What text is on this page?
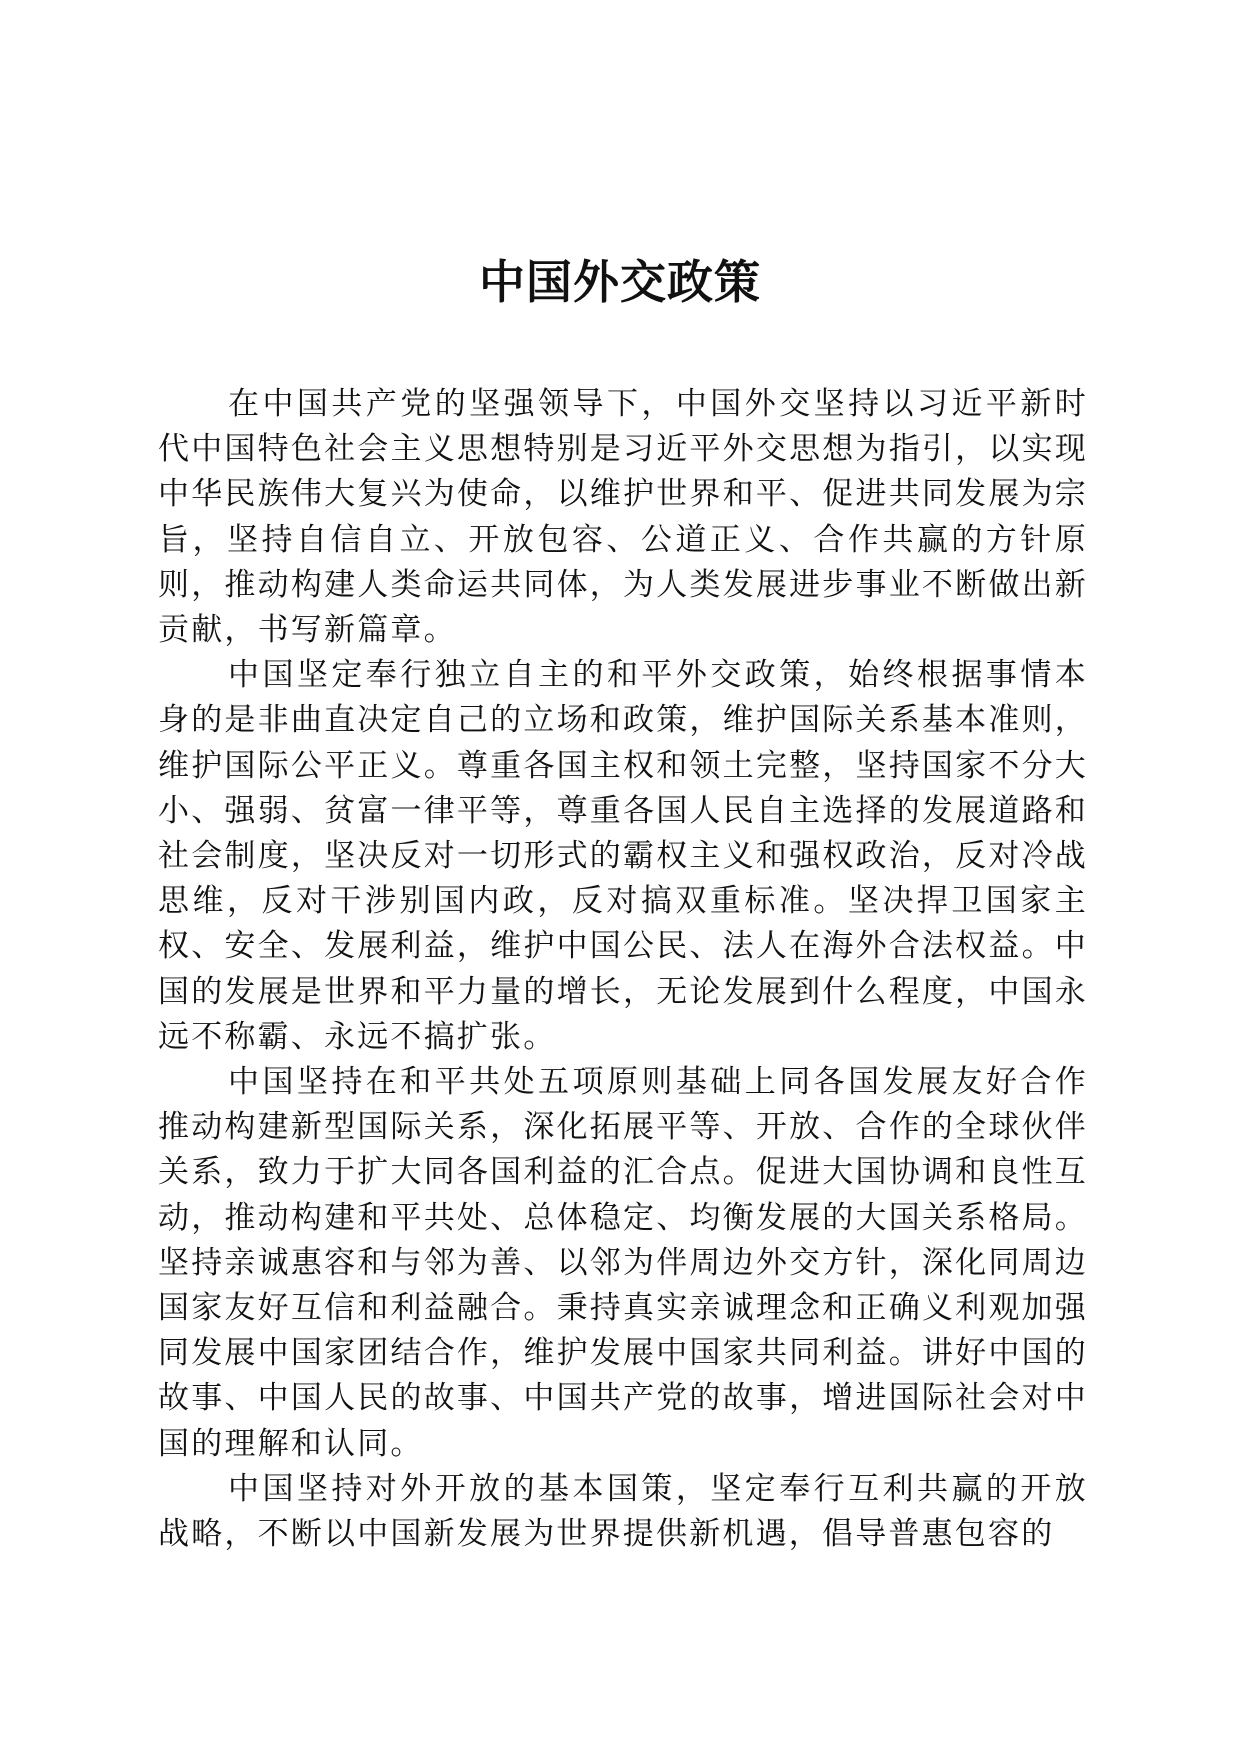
中国外交政策

在中国共产党的坚强领导下，中国外交坚持以习近平新时代中国特色社会主义思想特别是习近平外交思想为指引，以实现中华民族伟大复兴为使命，以维护世界和平、促进共同发展为宗旨，坚持自信自立、开放包容、公道正义、合作共赢的方针原则，推动构建人类命运共同体，为人类发展进步事业不断做出新贡献，书写新篇章。

中国坚定奉行独立自主的和平外交政策，始终根据事情本身的是非曲直决定自己的立场和政策，维护国际关系基本准则，维护国际公平正义。尊重各国主权和领土完整，坚持国家不分大小、强弱、贫富一律平等，尊重各国人民自主选择的发展道路和社会制度，坚决反对一切形式的霸权主义和强权政治，反对冷战思维，反对干涉别国内政，反对搞双重标准。坚决捍卫国家主权、安全、发展利益，维护中国公民、法人在海外合法权益。中国的发展是世界和平力量的增长，无论发展到什么程度，中国永远不称霸、永远不搞扩张。

中国坚持在和平共处五项原则基础上同各国发展友好合作推动构建新型国际关系，深化拓展平等、开放、合作的全球伙伴关系，致力于扩大同各国利益的汇合点。促进大国协调和良性互动，推动构建和平共处、总体稳定、均衡发展的大国关系格局。坚持亲诚惠容和与邻为善、以邻为伴周边外交方针，深化同周边国家友好互信和利益融合。秉持真实亲诚理念和正确义利观加强同发展中国家团结合作，维护发展中国家共同利益。讲好中国的故事、中国人民的故事、中国共产党的故事，增进国际社会对中国的理解和认同。

中国坚持对外开放的基本国策，坚定奉行互利共赢的开放战略，不断以中国新发展为世界提供新机遇，倡导普惠包容的
